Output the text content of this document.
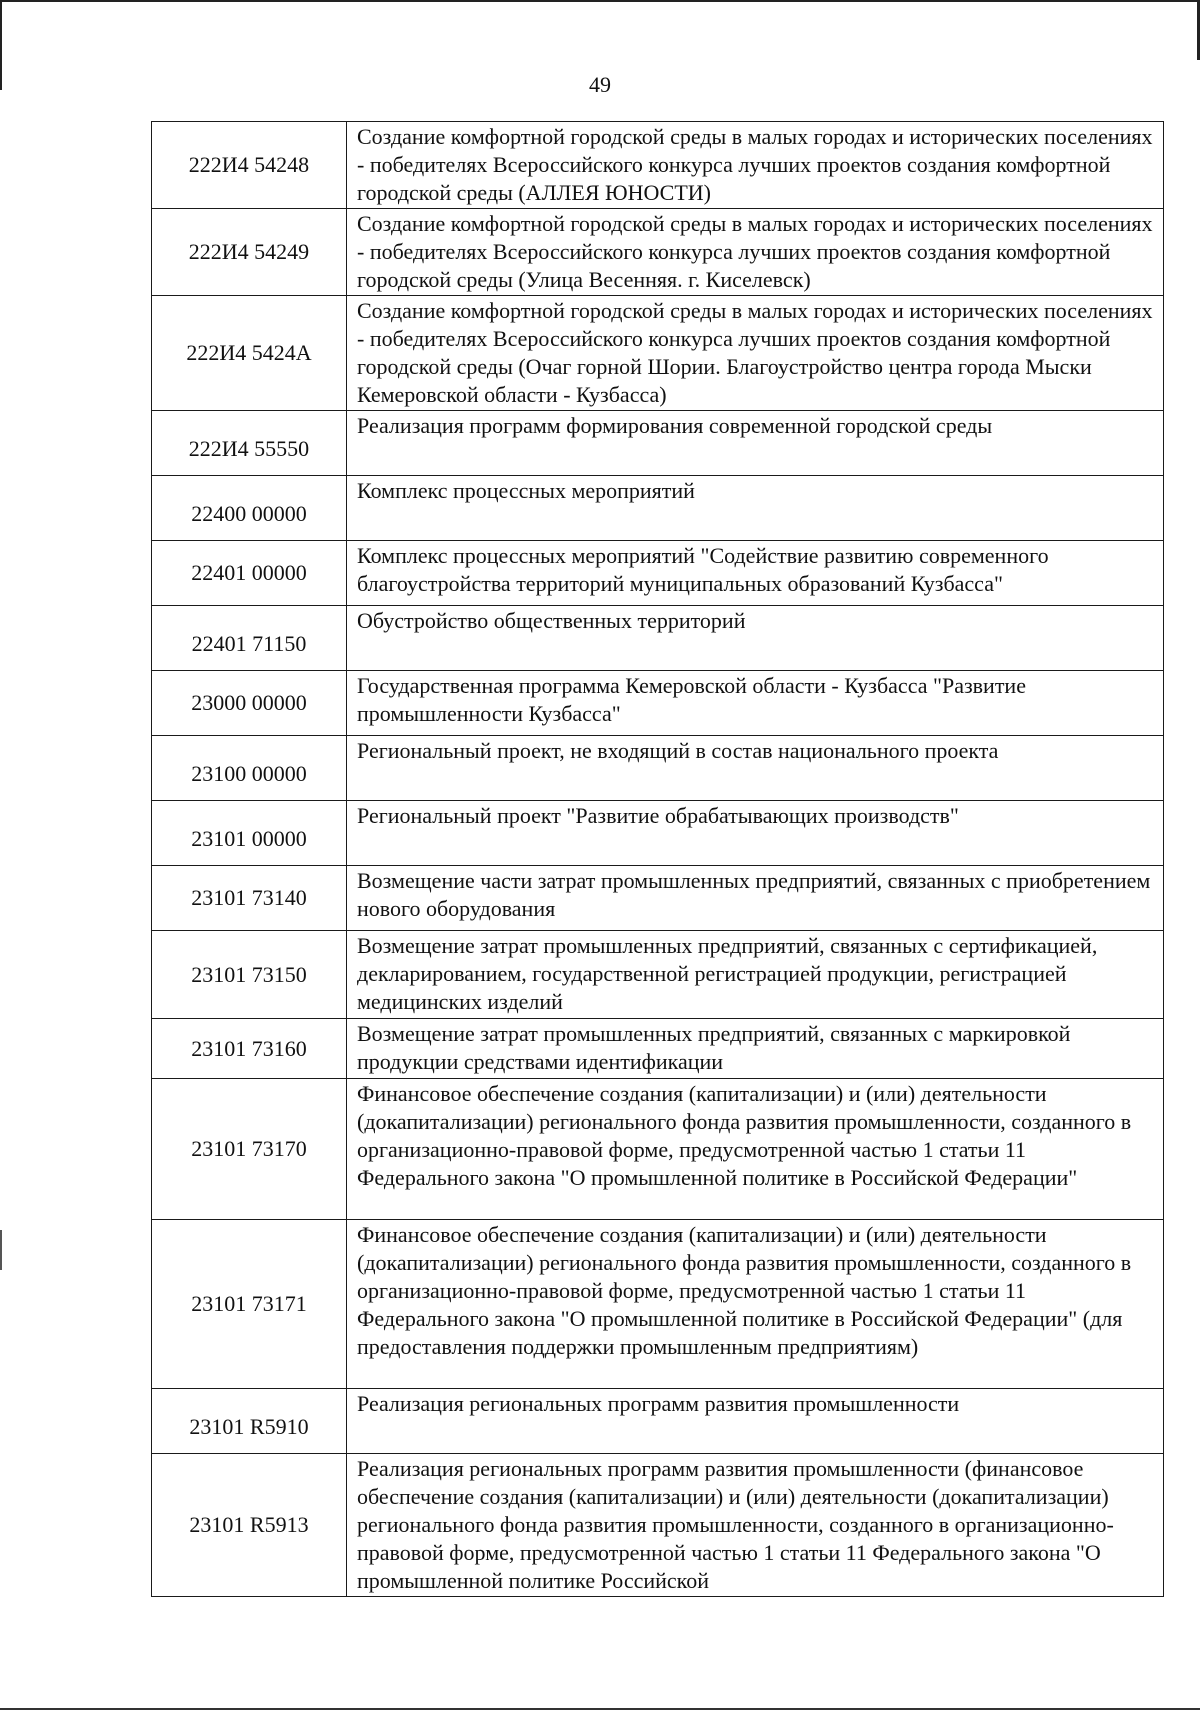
49
222И4 54248	Создание комфортной городской среды в малых городах и исторических поселениях - победителях Всероссийского конкурса лучших проектов создания комфортной городской среды (АЛЛЕЯ ЮНОСТИ)
222И4 54249	Создание комфортной городской среды в малых городах и исторических поселениях - победителях Всероссийского конкурса лучших проектов создания комфортной городской среды (Улица Весенняя. г. Киселевск)
222И4 5424А	Создание комфортной городской среды в малых городах и исторических поселениях - победителях Всероссийского конкурса лучших проектов создания комфортной городской среды (Очаг горной Шории. Благоустройство центра города Мыски Кемеровской области - Кузбасса)
222И4 55550	Реализация программ формирования современной городской среды
22400 00000	Комплекс процессных мероприятий
22401 00000	Комплекс процессных мероприятий "Содействие развитию современного благоустройства территорий муниципальных образований Кузбасса"
22401 71150	Обустройство общественных территорий
23000 00000	Государственная программа Кемеровской области - Кузбасса "Развитие промышленности Кузбасса"
23100 00000	Региональный проект, не входящий в состав национального проекта
23101 00000	Региональный проект "Развитие обрабатывающих производств"
23101 73140	Возмещение части затрат промышленных предприятий, связанных с приобретением нового оборудования
23101 73150	Возмещение затрат промышленных предприятий, связанных с сертификацией, декларированием, государственной регистрацией продукции, регистрацией медицинских изделий
23101 73160	Возмещение затрат промышленных предприятий, связанных с маркировкой продукции средствами идентификации
23101 73170	Финансовое обеспечение создания (капитализации) и (или) деятельности (докапитализации) регионального фонда развития промышленности, созданного в организационно-правовой форме, предусмотренной частью 1 статьи 11 Федерального закона "О промышленной политике в Российской Федерации"
23101 73171	Финансовое обеспечение создания (капитализации) и (или) деятельности (докапитализации) регионального фонда развития промышленности, созданного в организационно-правовой форме, предусмотренной частью 1 статьи 11 Федерального закона "О промышленной политике в Российской Федерации" (для предоставления поддержки промышленным предприятиям)
23101 R5910	Реализация региональных программ развития промышленности
23101 R5913	Реализация региональных программ развития промышленности (финансовое обеспечение создания (капитализации) и (или) деятельности (докапитализации) регионального фонда развития промышленности, созданного в организационно-правовой форме, предусмотренной частью 1 статьи 11 Федерального закона "О промышленной политике Российской
